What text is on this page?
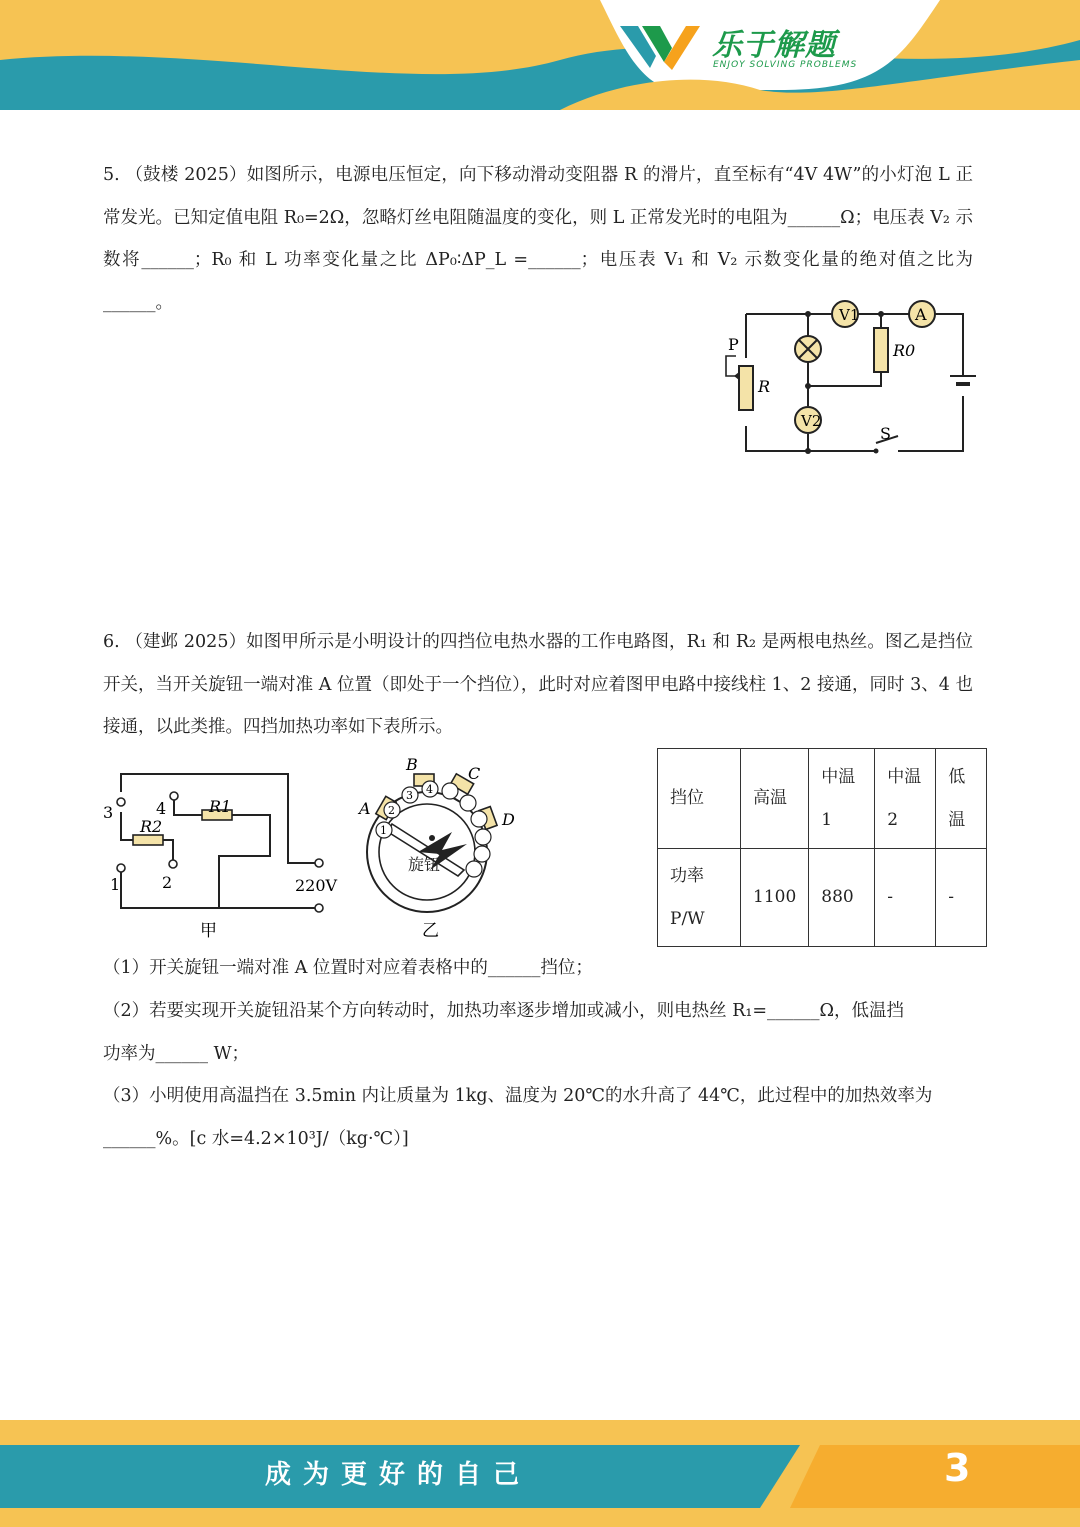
乐于解题
ENJOY SOLVING PROBLEMS
5. （鼓楼 2025）如图所示，电源电压恒定，向下移动滑动变阻器 R 的滑片，直至标有“4V 4W”的小灯泡 L 正常发光。已知定值电阻 R₀=2Ω，忽略灯丝电阻随温度的变化，则 L 正常发光时的电阻为______Ω；电压表 V₂ 示数将______；R₀ 和 L 功率变化量之比 ΔP₀∶ΔP_L =______；电压表 V₁ 和 V₂ 示数变化量的绝对值之比为______。
V1	A
V2
R0
R
P
S
6. （建邺 2025）如图甲所示是小明设计的四挡位电热水器的工作电路图，R₁ 和 R₂ 是两根电热丝。图乙是挡位开关，当开关旋钮一端对准 A 位置（即处于一个挡位），此时对应着图甲电路中接线柱 1、2 接通，同时 3、4 也接通，以此类推。四挡加热功率如下表所示。
3	4
1	2
R2
R1
220V
甲
1
2
3 4
A
B	C
D
旋钮
乙
挡位	高温	中温1	中温2	低温
功率P/W	1100	880	-	-
（1）开关旋钮一端对准 A 位置时对应着表格中的______挡位；
（2）若要实现开关旋钮沿某个方向转动时，加热功率逐步增加或减小，则电热丝 R₁=______Ω，低温挡
功率为______ W；
（3）小明使用高温挡在 3.5min 内让质量为 1kg、温度为 20℃的水升高了 44℃，此过程中的加热效率为
______%。[c 水=4.2×10³J/（kg·℃）]
成为更好的自己	3
